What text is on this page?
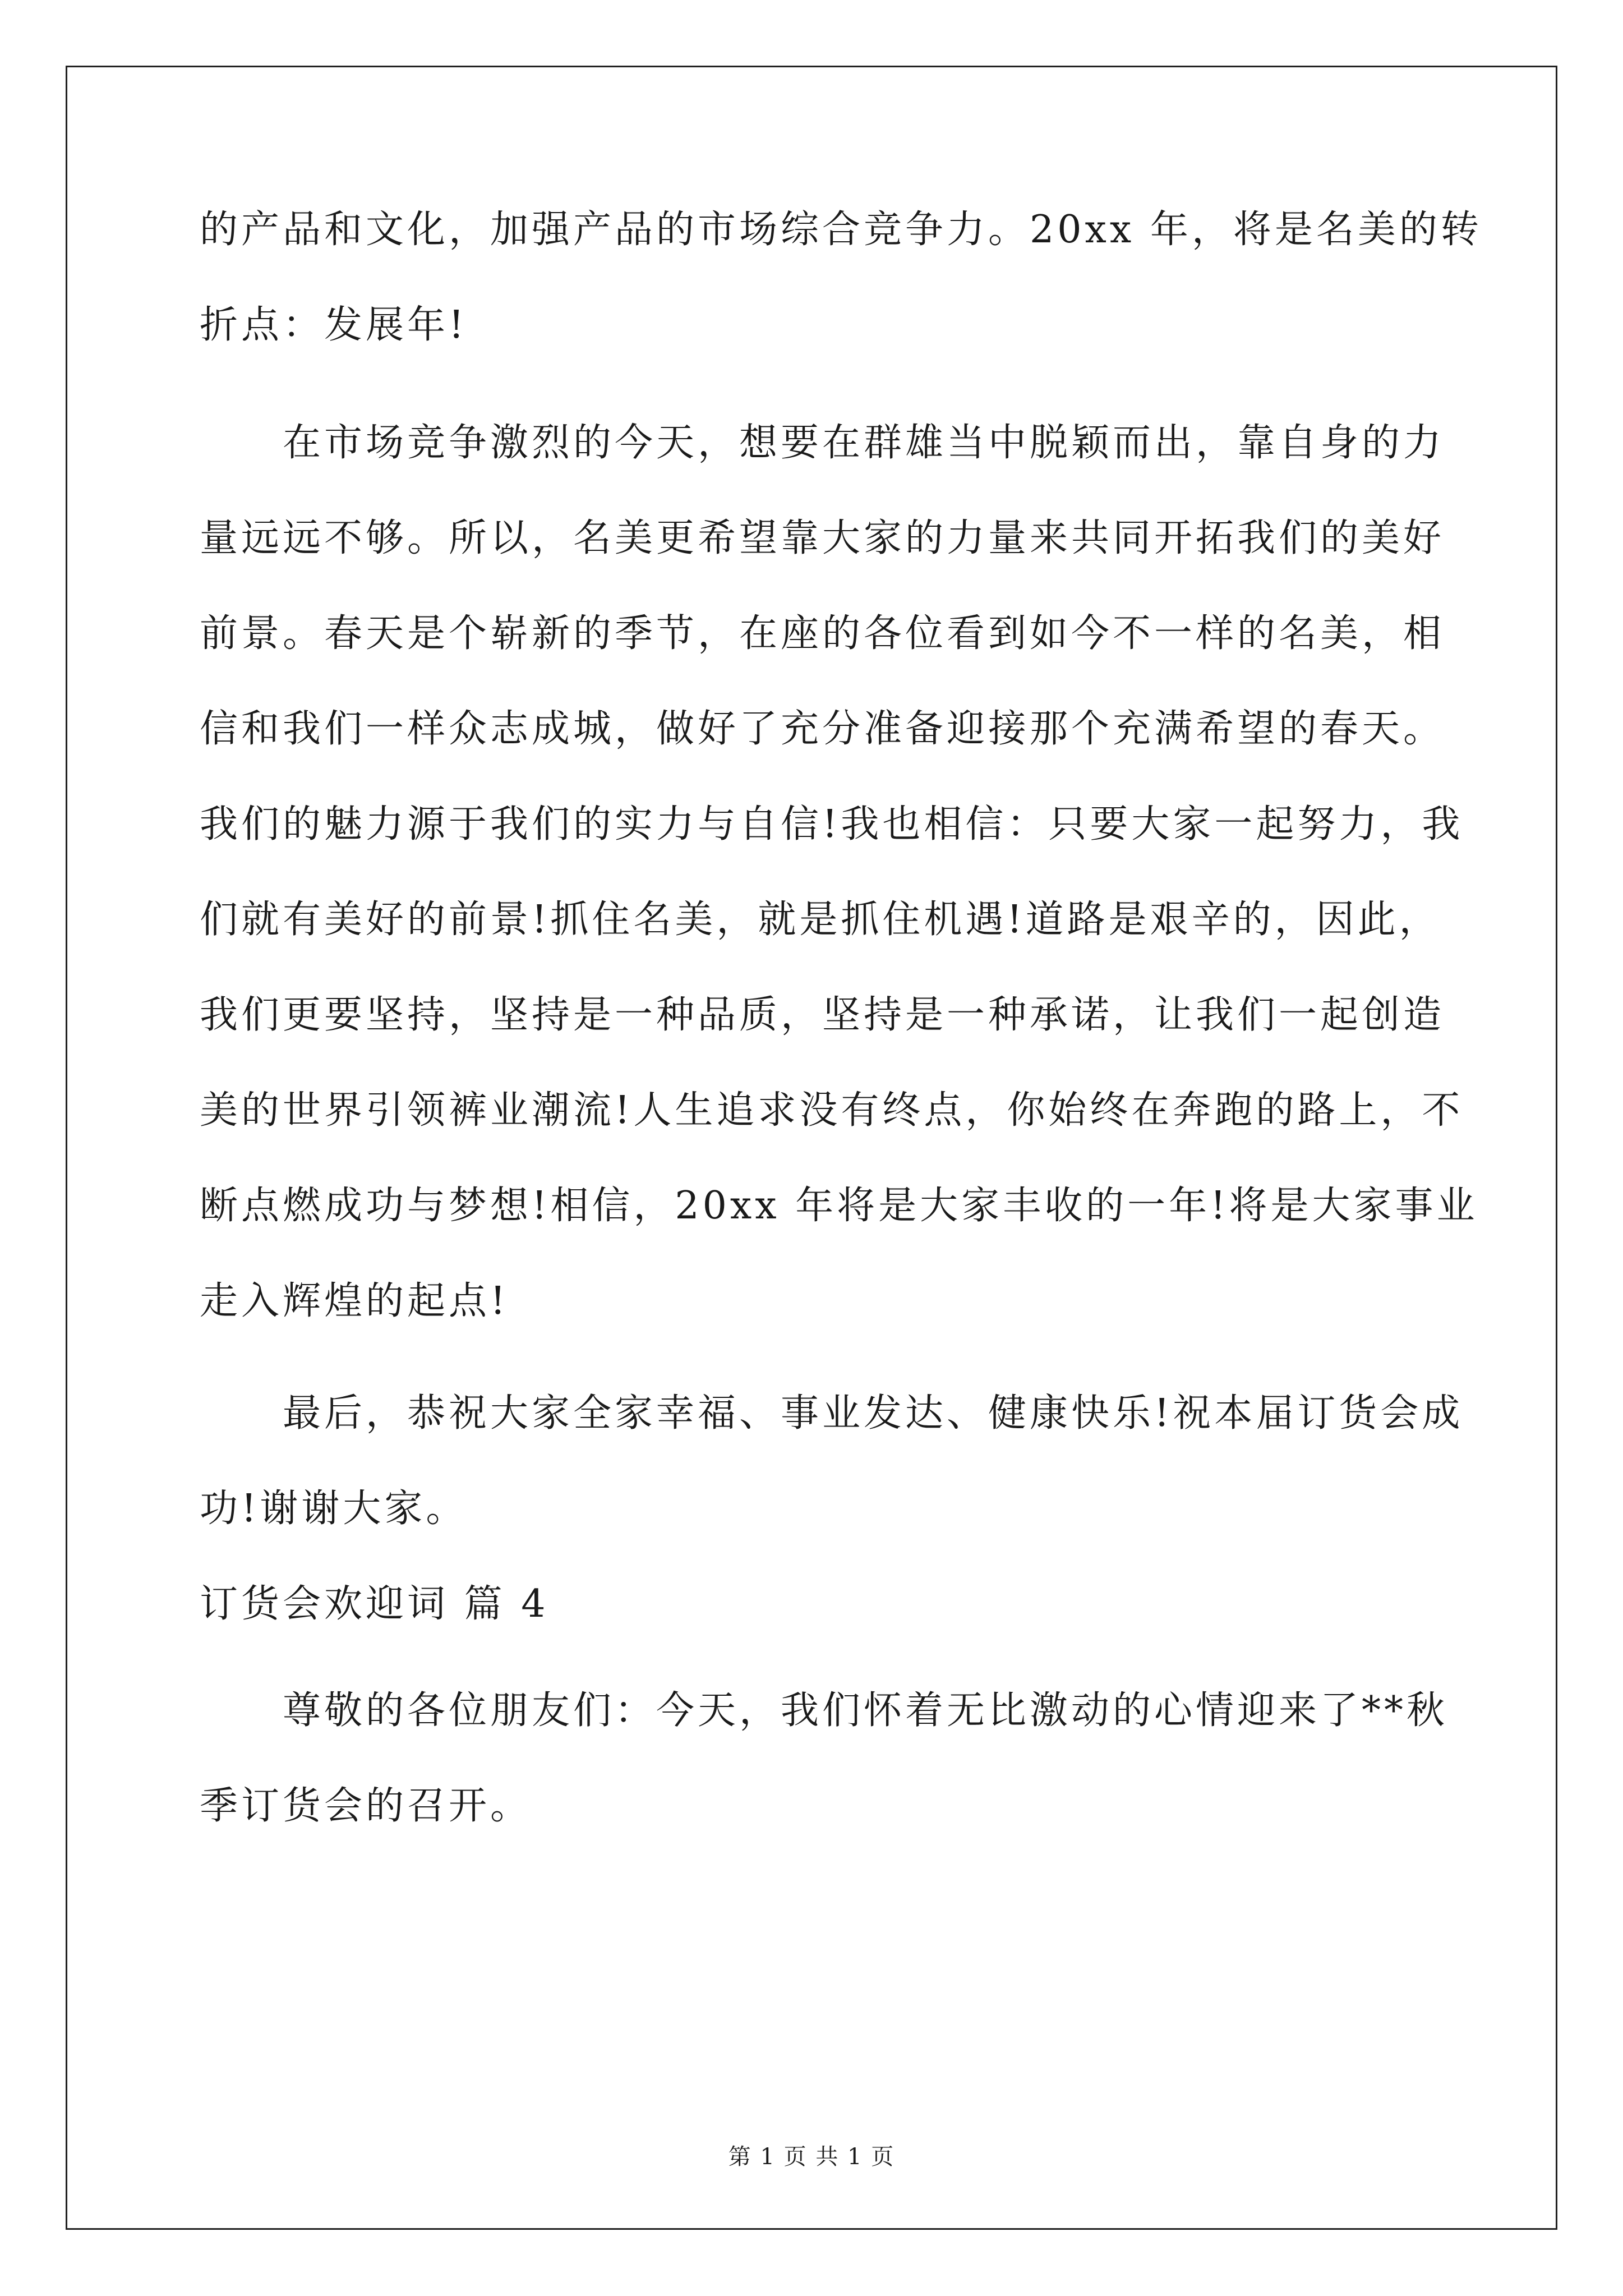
的产品和文化，加强产品的市场综合竞争力。20xx 年，将是名美的转
折点：发展年!
在市场竞争激烈的今天，想要在群雄当中脱颖而出，靠自身的力
量远远不够。所以，名美更希望靠大家的力量来共同开拓我们的美好
前景。春天是个崭新的季节，在座的各位看到如今不一样的名美，相
信和我们一样众志成城，做好了充分准备迎接那个充满希望的春天。
我们的魅力源于我们的实力与自信!我也相信：只要大家一起努力，我
们就有美好的前景!抓住名美，就是抓住机遇!道路是艰辛的，因此，
我们更要坚持，坚持是一种品质，坚持是一种承诺，让我们一起创造
美的世界引领裤业潮流!人生追求没有终点，你始终在奔跑的路上，不
断点燃成功与梦想!相信，20xx 年将是大家丰收的一年!将是大家事业
走入辉煌的起点!
最后，恭祝大家全家幸福、事业发达、健康快乐!祝本届订货会成
功!谢谢大家。
订货会欢迎词 篇 4
尊敬的各位朋友们：今天，我们怀着无比激动的心情迎来了**秋
季订货会的召开。
第 1 页 共 1 页
